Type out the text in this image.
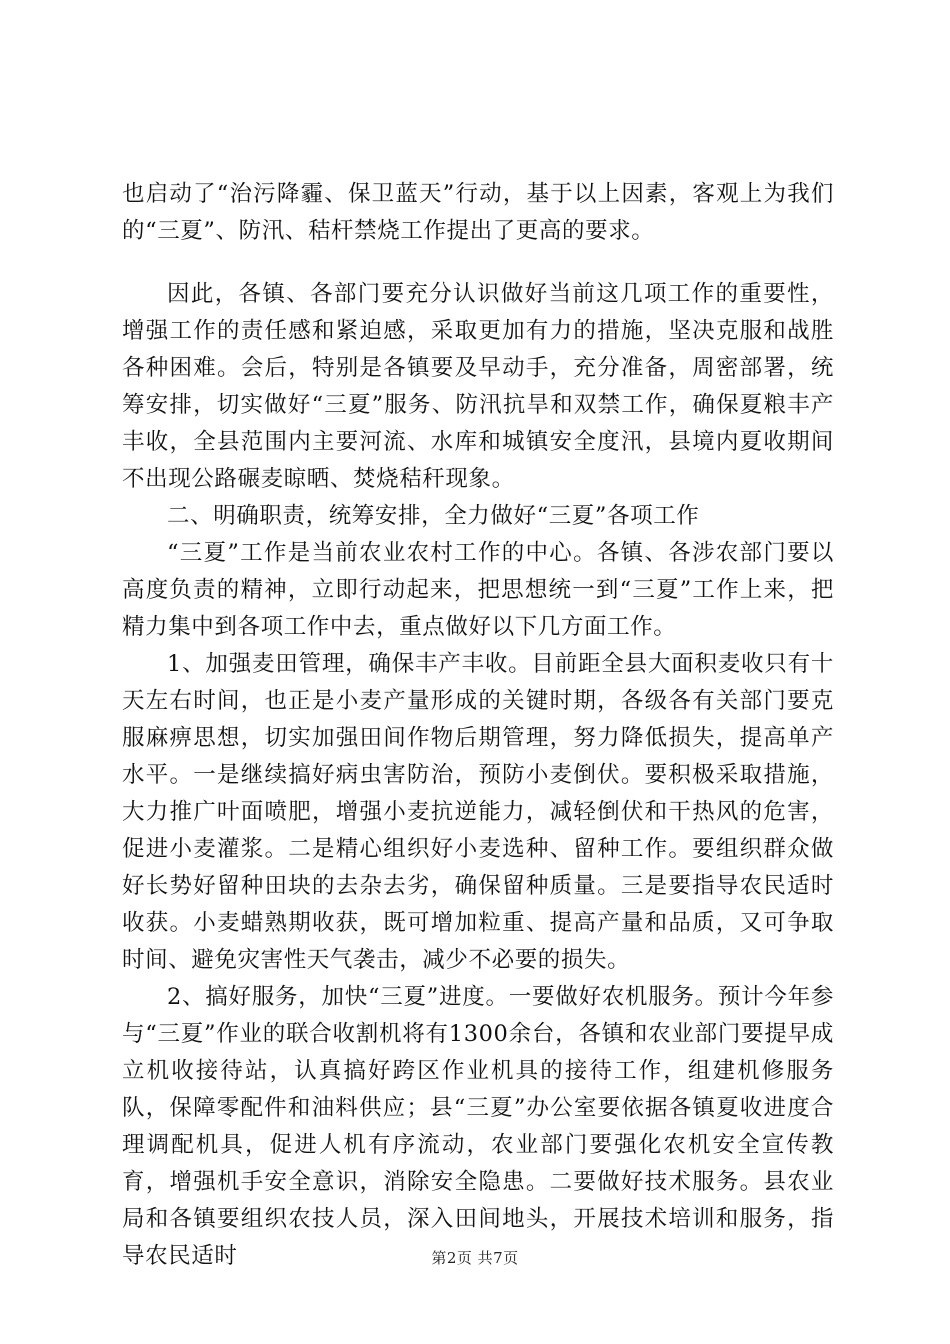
也启动了“治污降霾、保卫蓝天”行动，基于以上因素，客观上为我们的“三夏”、防汛、秸杆禁烧工作提出了更高的要求。

因此，各镇、各部门要充分认识做好当前这几项工作的重要性，增强工作的责任感和紧迫感，采取更加有力的措施，坚决克服和战胜各种困难。会后，特别是各镇要及早动手，充分准备，周密部署，统筹安排，切实做好“三夏”服务、防汛抗旱和双禁工作，确保夏粮丰产丰收，全县范围内主要河流、水库和城镇安全度汛，县境内夏收期间不出现公路碾麦晾晒、焚烧秸秆现象。

二、明确职责，统筹安排，全力做好“三夏”各项工作

“三夏”工作是当前农业农村工作的中心。各镇、各涉农部门要以高度负责的精神，立即行动起来，把思想统一到“三夏”工作上来，把精力集中到各项工作中去，重点做好以下几方面工作。

1、加强麦田管理，确保丰产丰收。目前距全县大面积麦收只有十天左右时间，也正是小麦产量形成的关键时期，各级各有关部门要克服麻痹思想，切实加强田间作物后期管理，努力降低损失，提高单产水平。一是继续搞好病虫害防治，预防小麦倒伏。要积极采取措施，大力推广叶面喷肥，增强小麦抗逆能力，减轻倒伏和干热风的危害，促进小麦灌浆。二是精心组织好小麦选种、留种工作。要组织群众做好长势好留种田块的去杂去劣，确保留种质量。三是要指导农民适时收获。小麦蜡熟期收获，既可增加粒重、提高产量和品质，又可争取时间、避免灾害性天气袭击，减少不必要的损失。

2、搞好服务，加快“三夏”进度。一要做好农机服务。预计今年参与“三夏”作业的联合收割机将有1300余台，各镇和农业部门要提早成立机收接待站，认真搞好跨区作业机具的接待工作，组建机修服务队，保障零配件和油料供应；县“三夏”办公室要依据各镇夏收进度合理调配机具，促进人机有序流动，农业部门要强化农机安全宣传教育，增强机手安全意识，消除安全隐患。二要做好技术服务。县农业局和各镇要组织农技人员，深入田间地头，开展技术培训和服务，指导农民适时	第2页 共7页
